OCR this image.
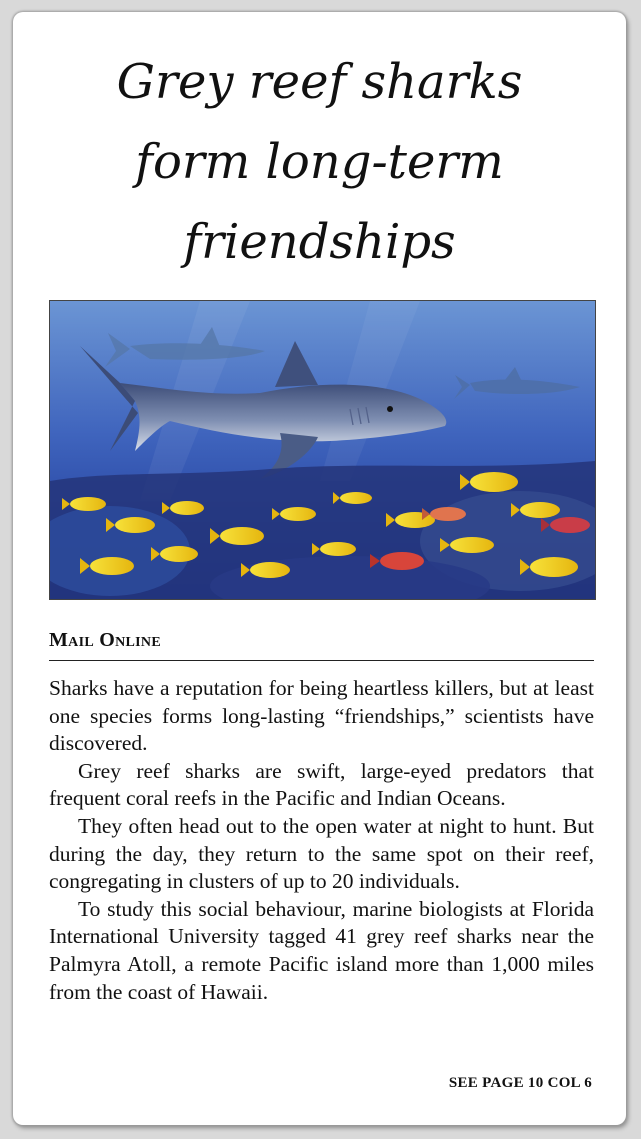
Grey reef sharks
form long-term
friendships
Mail Online

Sharks have a reputation for being heartless killers, but at least one species forms long-lasting “friendships,” scientists have discovered.

Grey reef sharks are swift, large-eyed predators that frequent coral reefs in the Pacific and Indian Oceans.

They often head out to the open water at night to hunt. But during the day, they return to the same spot on their reef, congregating in clusters of up to 20 individuals.

To study this social behaviour, marine biologists at Florida International University tagged 41 grey reef sharks near the Palmyra Atoll, a remote Pacific island more than 1,000 miles from the coast of Hawaii.

SEE PAGE 10 COL 6
